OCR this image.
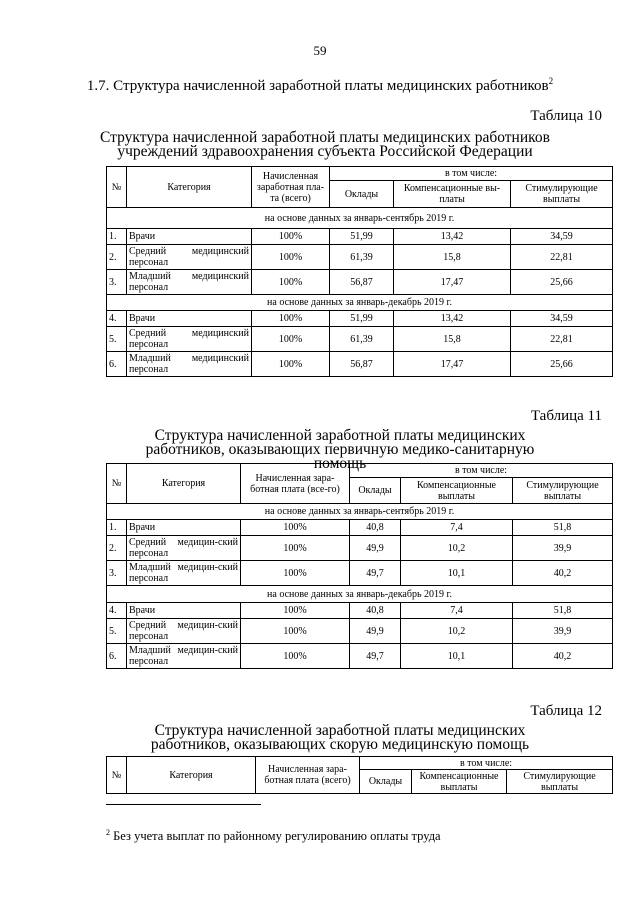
59
1.7. Структура начисленной заработной платы медицинских работников$^2$
Таблица 10
Структура начисленной заработной платы медицинских работников учреждений здравоохранения субъекта Российской Федерации
№	Категория	Начисленная заработная пла-та (всего)	в том числе:		
			Оклады	Компенсационные вы-платы	Стимулирующие выплаты
на основе данных за январь-сентябрь 2019 г.					
1.	Врачи	100%	51,99	13,42	34,59
2.	Средний медицинский персонал	100%	61,39	15,8	22,81
3.	Младший медицинский персонал	100%	56,87	17,47	25,66
на основе данных за январь-декабрь 2019 г.					
4.	Врачи	100%	51,99	13,42	34,59
5.	Средний медицинский персонал	100%	61,39	15,8	22,81
6.	Младший медицинский персонал	100%	56,87	17,47	25,66
Таблица 11
Структура начисленной заработной платы медицинских работников, оказывающих первичную медико-санитарную помощь
№	Категория	Начисленная зара-ботная плата (все-го)	в том числе:		
			Оклады	Компенсационные выплаты	Стимулирующие выплаты
на основе данных за январь-сентябрь 2019 г.					
1.	Врачи	100%	40,8	7,4	51,8
2.	Средний медицин-ский персонал	100%	49,9	10,2	39,9
3.	Младший медицин-ский персонал	100%	49,7	10,1	40,2
на основе данных за январь-декабрь 2019 г.					
4.	Врачи	100%	40,8	7,4	51,8
5.	Средний медицин-ский персонал	100%	49,9	10,2	39,9
6.	Младший медицин-ский персонал	100%	49,7	10,1	40,2
Таблица 12
Структура начисленной заработной платы медицинских работников, оказывающих скорую медицинскую помощь
№	Категория	Начисленная зара-ботная плата (всего)	в том числе:		
			Оклады	Компенсационные выплаты	Стимулирующие выплаты
$^2$ Без учета выплат по районному регулированию оплаты труда
